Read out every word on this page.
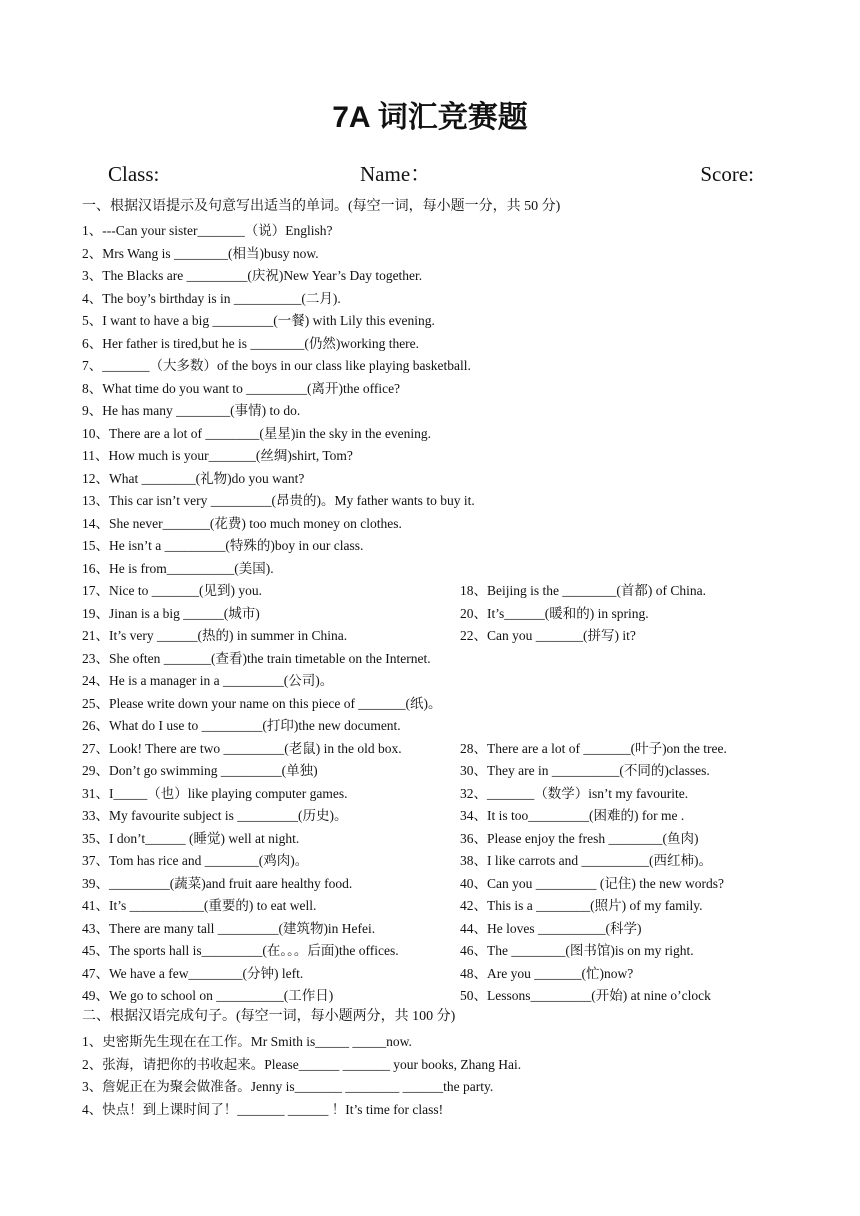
7A 词汇竞赛题
Class:	Name：	Score:
一、根据汉语提示及句意写出适当的单词。(每空一词，每小题一分，共 50 分)
1、---Can your sister_______（说）English?
2、Mrs Wang is ________(相当)busy now.
3、The Blacks are _________(庆祝)New Year’s Day together.
4、The boy’s birthday is in __________(二月).
5、I want to have a big _________(一餐) with Lily this evening.
6、Her father is tired,but he is ________(仍然)working there.
7、_______（大多数）of the boys in our class like playing basketball.
8、What time do you want to _________(离开)the office?
9、He has many ________(事情) to do.
10、There are a lot of ________(星星)in the sky in the evening.
11、How much is your_______(丝绸)shirt, Tom?
12、What ________(礼物)do you want?
13、This car isn’t very _________(昂贵的)。My father wants to buy it.
14、She never_______(花费) too much money on clothes.
15、He isn’t a _________(特殊的)boy in our class.
16、He is from__________(美国).
17、Nice to _______(见到) you.	18、Beijing is the ________(首都) of China.
19、Jinan is a big ______(城市)	20、It’s______(暖和的) in spring.
21、It’s very ______(热的) in summer in China.	22、Can you _______(拼写) it?
23、She often _______(查看)the train timetable on the Internet.
24、He is a manager in a _________(公司)。
25、Please write down your name on this piece of _______(纸)。
26、What do I use to _________(打印)the new document.
27、Look! There are two _________(老鼠) in the old box.	28、There are a lot of _______(叶子)on the tree.
29、Don’t go swimming _________(单独)	30、They are in __________(不同的)classes.
31、I_____（也）like playing computer games.	32、_______（数学）isn’t my favourite.
33、My favourite subject is _________(历史)。	34、It is too_________(困难的) for me .
35、I don’t______ (睡觉) well at night.	36、Please enjoy the fresh ________(鱼肉)
37、Tom has rice and ________(鸡肉)。	38、I like carrots and __________(西红柿)。
39、_________(蔬菜)and fruit aare healthy food.	40、Can you _________ (记住) the new words?
41、It’s ___________(重要的) to eat well.	42、This is a ________(照片) of my family.
43、There are many tall _________(建筑物)in Hefei.	44、He loves __________(科学)
45、The sports hall is_________(在。。。后面)the offices.	46、The ________(图书馆)is on my right.
47、We have a few________(分钟) left.	48、Are you _______(忙)now?
49、We go to school on __________(工作日)	50、Lessons_________(开始) at nine o’clock
二、根据汉语完成句子。(每空一词，每小题两分，共 100 分)
1、史密斯先生现在在工作。Mr Smith is_____ _____now.
2、张海，请把你的书收起来。Please______ _______ your books, Zhang Hai.
3、詹妮正在为聚会做准备。Jenny is_______ ________ ______the party.
4、快点！到上课时间了！_______ ______ ！It’s time for class!
